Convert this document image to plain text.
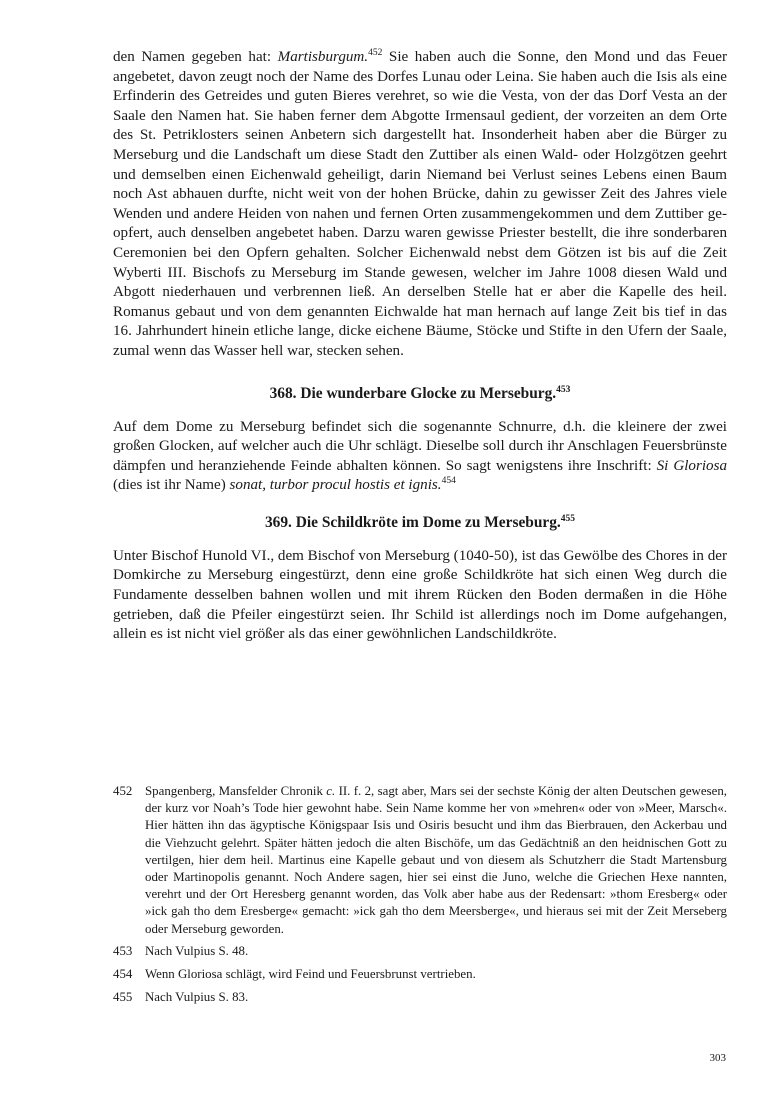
den Namen gegeben hat: Martisburgum.$^{452}$ Sie haben auch die Sonne, den Mond und das Feuer angebetet, davon zeugt noch der Name des Dorfes Lunau oder Leina. Sie haben auch die Isis als eine Erfinderin des Getreides und guten Bieres verehret, so wie die Vesta, von der das Dorf Vesta an der Saale den Namen hat. Sie haben ferner dem Abgotte Irmensaul gedient, der vorzeiten an dem Orte des St. Petriklosters seinen Anbetern sich dargestellt hat. Insonderheit haben aber die Bürger zu Merseburg und die Landschaft um diese Stadt den Zuttiber als einen Wald- oder Holzgötzen geehrt und demselben einen Eichenwald geheiligt, darin Niemand bei Verlust seines Lebens einen Baum noch Ast abhauen durfte, nicht weit von der hohen Brücke, dahin zu gewisser Zeit des Jahres viele Wenden und andere Heiden von nahen und fernen Orten zusammengekommen und dem Zuttiber geopfert, auch denselben angebetet haben. Darzu waren gewisse Priester bestellt, die ihre sonderbaren Ceremonien bei den Opfern gehalten. Solcher Eichenwald nebst dem Götzen ist bis auf die Zeit Wyberti III. Bischofs zu Merseburg im Stande gewesen, welcher im Jahre 1008 diesen Wald und Abgott niederhauen und verbrennen ließ. An derselben Stelle hat er aber die Kapelle des heil. Romanus gebaut und von dem genannten Eichwalde hat man hernach auf lange Zeit bis tief in das 16. Jahrhundert hinein etliche lange, dicke eichene Bäume, Stöcke und Stifte in den Ufern der Saale, zumal wenn das Wasser hell war, stecken sehen.

368. Die wunderbare Glocke zu Merseburg.$^{453}$

Auf dem Dome zu Merseburg befindet sich die sogenannte Schnurre, d.h. die kleinere der zwei großen Glocken, auf welcher auch die Uhr schlägt. Dieselbe soll durch ihr Anschlagen Feuersbrünste dämpfen und heranziehende Feinde abhalten können. So sagt wenigstens ihre Inschrift: Si Gloriosa (dies ist ihr Name) sonat, turbor procul hostis et ignis.$^{454}$

369. Die Schildkröte im Dome zu Merseburg.$^{455}$

Unter Bischof Hunold VI., dem Bischof von Merseburg (1040-50), ist das Gewölbe des Chores in der Domkirche zu Merseburg eingestürzt, denn eine große Schildkröte hat sich einen Weg durch die Fundamente desselben bahnen wollen und mit ihrem Rücken den Boden dermaßen in die Höhe getrieben, daß die Pfeiler eingestürzt seien. Ihr Schild ist allerdings noch im Dome aufgehangen, allein es ist nicht viel größer als das einer gewöhnlichen Landschildkröte.

452 Spangenberg, Mansfelder Chronik c. II. f. 2, sagt aber, Mars sei der sechste König der alten Deutschen gewesen, der kurz vor Noah’s Tode hier gewohnt habe. Sein Name komme her von »mehren« oder von »Meer, Marsch«. Hier hätten ihn das ägyptische Königspaar Isis und Osiris besucht und ihm das Bierbrauen, den Ackerbau und die Viehzucht gelehrt. Später hätten jedoch die alten Bischöfe, um das Gedächtniß an den heidnischen Gott zu vertilgen, hier dem heil. Martinus eine Kapelle gebaut und von diesem als Schutzherr die Stadt Martensburg oder Martinopolis genannt. Noch Andere sagen, hier sei einst die Juno, welche die Griechen Hexe nannten, verehrt und der Ort Heresberg genannt worden, das Volk aber habe aus der Redensart: »thom Eresberg« oder »ick gah tho dem Eresberge« gemacht: »ick gah tho dem Meersberge«, und hieraus sei mit der Zeit Merseberg oder Merseburg geworden.
453 Nach Vulpius S. 48.
454 Wenn Gloriosa schlägt, wird Feind und Feuersbrunst vertrieben.
455 Nach Vulpius S. 83.
303
